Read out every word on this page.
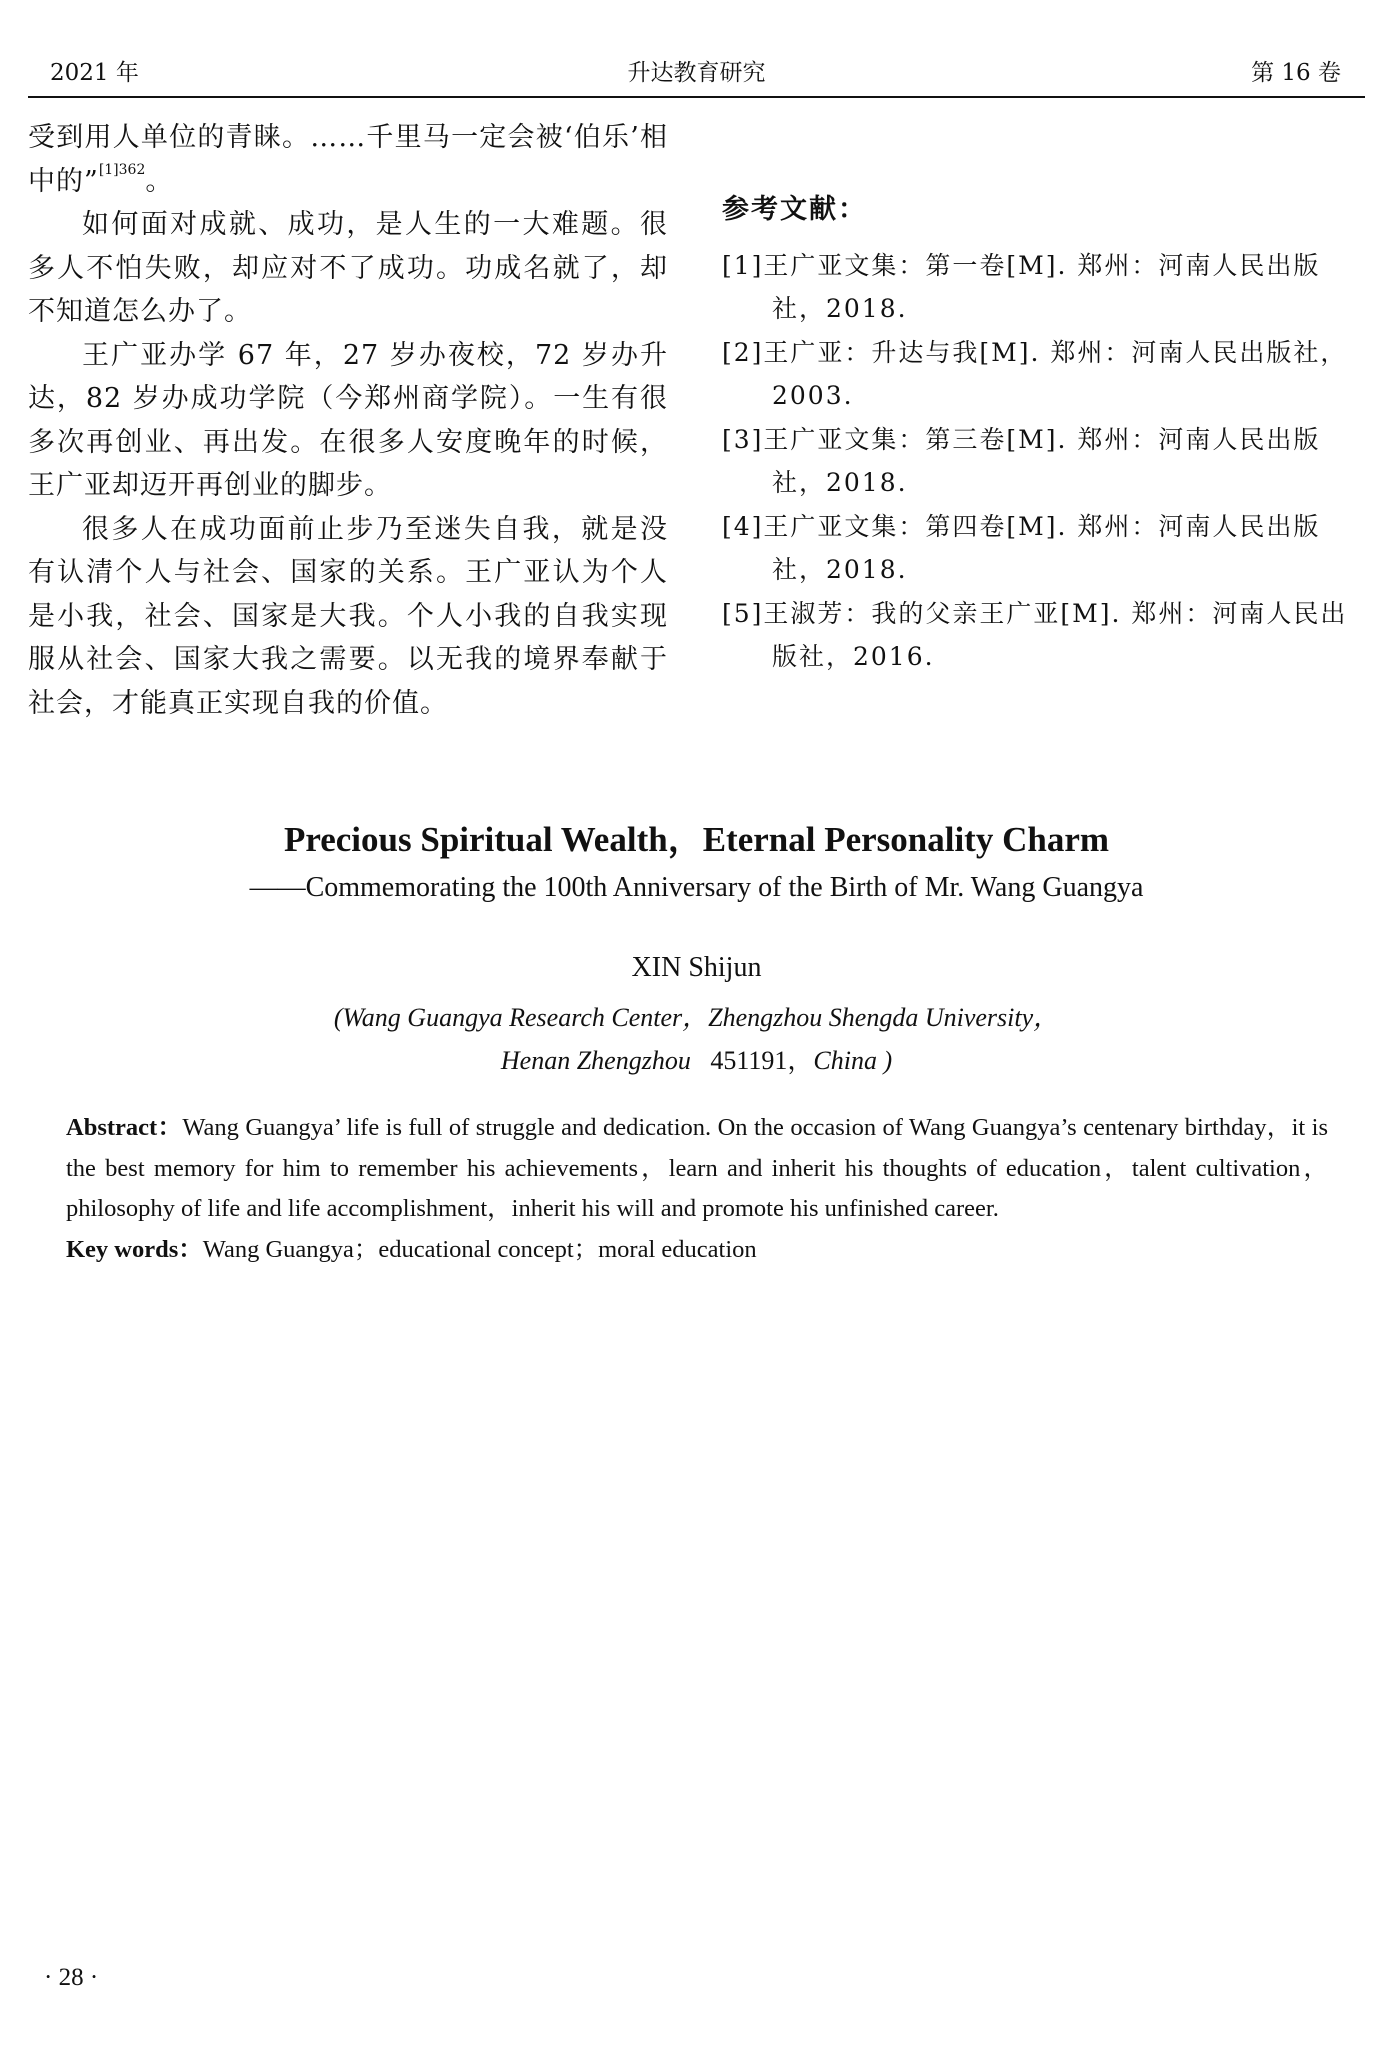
2021 年	升达教育研究	第 16 卷

受到用人单位的青睐。……千里马一定会被‘伯乐’相中的”$^{[1]362}$。

如何面对成就、成功，是人生的一大难题。很多人不怕失败，却应对不了成功。功成名就了，却不知道怎么办了。

王广亚办学 67 年，27 岁办夜校，72 岁办升达，82 岁办成功学院（今郑州商学院）。一生有很多次再创业、再出发。在很多人安度晚年的时候，王广亚却迈开再创业的脚步。

很多人在成功面前止步乃至迷失自我，就是没有认清个人与社会、国家的关系。王广亚认为个人是小我，社会、国家是大我。个人小我的自我实现服从社会、国家大我之需要。以无我的境界奉献于社会，才能真正实现自我的价值。

参考文献：

[1]王广亚文集：第一卷[M]. 郑州：河南人民出版社，2018.

[2]王广亚：升达与我[M]. 郑州：河南人民出版社，2003.

[3]王广亚文集：第三卷[M]. 郑州：河南人民出版社，2018.

[4]王广亚文集：第四卷[M]. 郑州：河南人民出版社，2018.

[5]王淑芳：我的父亲王广亚[M]. 郑州：河南人民出版社，2016.

Precious Spiritual Wealth，Eternal Personality Charm
——Commemorating the 100th Anniversary of the Birth of Mr. Wang Guangya
XIN Shijun
(Wang Guangya Research Center，Zhengzhou Shengda University，
Henan Zhengzhou 451191，China )

Abstract：Wang Guangya’ life is full of struggle and dedication. On the occasion of Wang Guangya’s centenary birthday，it is the best memory for him to remember his achievements，learn and inherit his thoughts of education，talent cultivation，philosophy of life and life accomplishment，inherit his will and promote his unfinished career.

Key words：Wang Guangya；educational concept；moral education

· 28 ·
